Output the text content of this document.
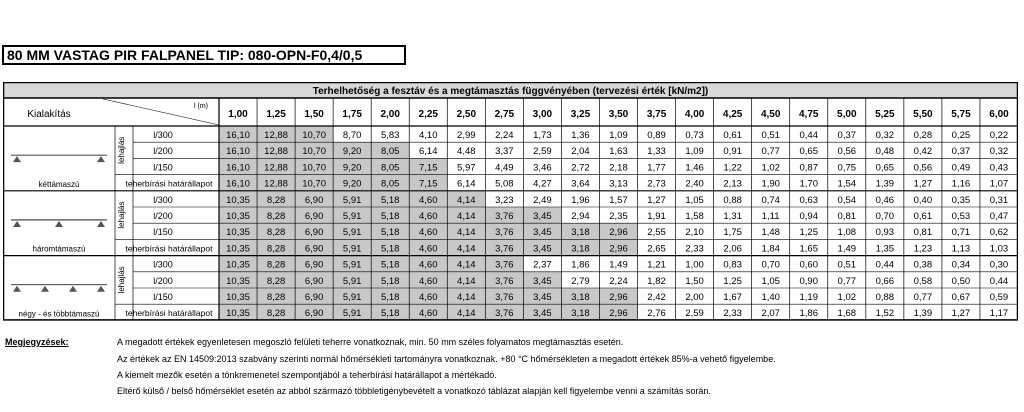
80 MM VASTAG PIR FALPANEL TIP: 080-OPN-F0,4/0,5
Terhelhetőség a fesztáv és a megtámasztás függvényében (tervezési érték [kN/m2])
Kialakítás
l (m)
1,00 1,25 1,50 1,75 2,00 2,25 2,50 2,75 3,00 3,25 3,50 3,75 4,00 4,25 4,50 4,75 5,00 5,25 5,50 5,75 6,00
l/300	16,10 12,88 10,70 8,70 5,83 4,10 2,99 2,24 1,73 1,36 1,09 0,89 0,73 0,61 0,51 0,44 0,37 0,32 0,28 0,25 0,22
l/200	16,10 12,88 10,70 9,20 8,05 6,14 4,48 3,37 2,59 2,04 1,63 1,33 1,09 0,91 0,77 0,65 0,56 0,48 0,42 0,37 0,32
l/150	16,10 12,88 10,70 9,20 8,05 7,15 5,97 4,49 3,46 2,72 2,18 1,77 1,46 1,22 1,02 0,87 0,75 0,65 0,56 0,49 0,43
teherbírási határállapot 16,10 12,88 10,70 9,20 8,05 7,15 6,14 5,08 4,27 3,64 3,13 2,73 2,40 2,13 1,90 1,70 1,54 1,39 1,27 1,16 1,07
l/300	10,35 8,28 6,90 5,91 5,18 4,60 4,14 3,23 2,49 1,96 1,57 1,27 1,05 0,88 0,74 0,63 0,54 0,46 0,40 0,35 0,31
l/200	10,35 8,28 6,90 5,91 5,18 4,60 4,14 3,76 3,45 2,94 2,35 1,91 1,58 1,31 1,11 0,94 0,81 0,70 0,61 0,53 0,47
l/150	10,35 8,28 6,90 5,91 5,18 4,60 4,14 3,76 3,45 3,18 2,96 2,55 2,10 1,75 1,48 1,25 1,08 0,93 0,81 0,71 0,62
teherbírási határállapot 10,35 8,28 6,90 5,91 5,18 4,60 4,14 3,76 3,45 3,18 2,96 2,65 2,33 2,06 1,84 1,65 1,49 1,35 1,23 1,13 1,03
l/300	10,35 8,28 6,90 5,91 5,18 4,60 4,14 3,76 2,37 1,86 1,49 1,21 1,00 0,83 0,70 0,60 0,51 0,44 0,38 0,34 0,30
l/200	10,35 8,28 6,90 5,91 5,18 4,60 4,14 3,76 3,45 2,79 2,24 1,82 1,50 1,25 1,05 0,90 0,77 0,66 0,58 0,50 0,44
l/150	10,35 8,28 6,90 5,91 5,18 4,60 4,14 3,76 3,45 3,18 2,96 2,42 2,00 1,67 1,40 1,19 1,02 0,88 0,77 0,67 0,59
teherbírási határállapot 10,35 8,28 6,90 5,91 5,18 4,60 4,14 3,76 3,45 3,18 2,96 2,76 2,59 2,33 2,07 1,86 1,68 1,52 1,39 1,27 1,17
kéttámaszú
lehajlás
háromtámaszú
lehajlás
négy - és többtámaszú
lehajlás
Megjegyzések:	A megadott értékek egyenletesen megoszló felületi teherre vonatkoznak, min. 50 mm széles folyamatos megtámasztás esetén.
Az értékek az EN 14509:2013 szabvány szerinti normál hőmérsékleti tartományra vonatkoznak. +80 °C hőmérsékleten a megadott értékek 85%-a vehető figyelembe.
A kiemelt mezők esetén a tönkremenetel szempontjából a teherbírási határállapot a mértékadó.
Eltérő külső / belső hőmérséklet esetén az abból származó többletigénybevételt a vonatkozó táblázat alapján kell figyelembe venni a számítás során.
